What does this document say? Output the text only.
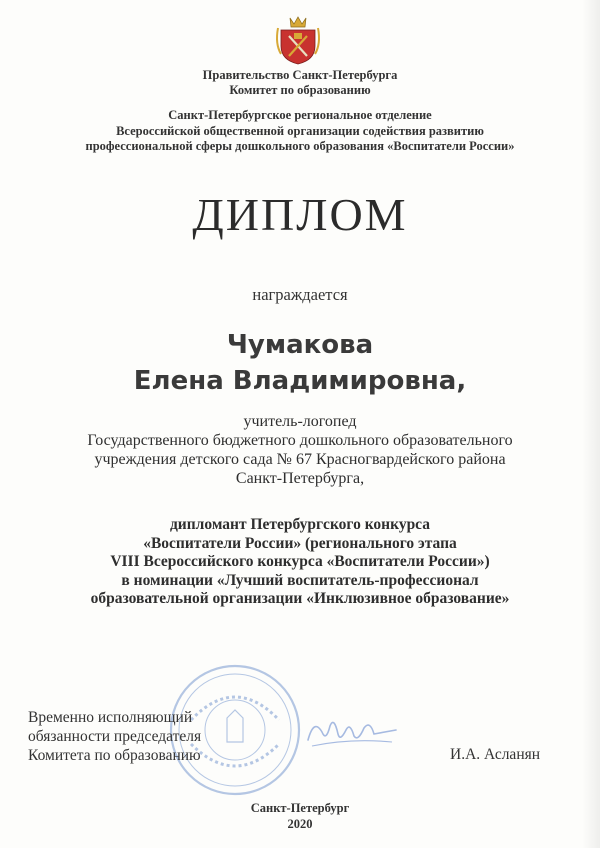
Правительство Санкт-Петербурга
Комитет по образованию
Санкт-Петербургское региональное отделение
Всероссийской общественной организации содействия развитию
профессиональной сферы дошкольного образования «Воспитатели России»
ДИПЛОМ
награждается
Чумакова
Елена Владимировна,
учитель-логопед
Государственного бюджетного дошкольного образовательного
учреждения детского сада № 67 Красногвардейского района
Санкт-Петербурга,
дипломант Петербургского конкурса
«Воспитатели России» (регионального этапа
VIII Всероссийского конкурса «Воспитатели России»)
в номинации «Лучший воспитатель-профессионал
образовательной организации «Инклюзивное образование»
Временно исполняющий
обязанности председателя
Комитета по образованию	И.А. Асланян
Санкт-Петербург
2020
